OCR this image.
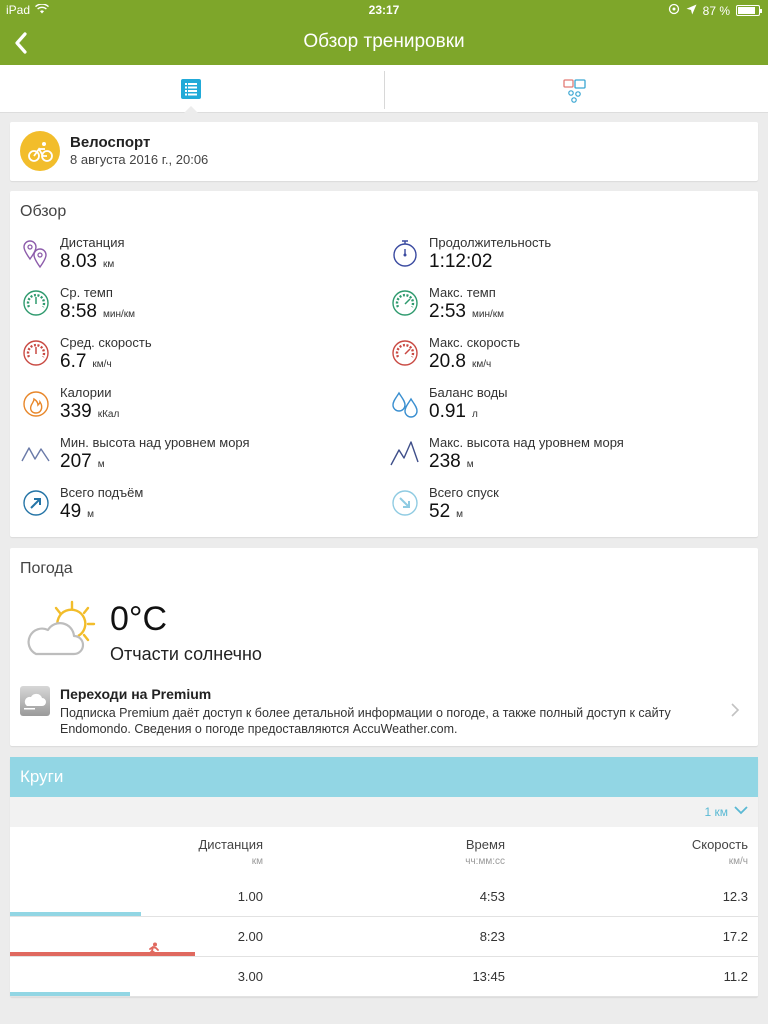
iPad	23:17	87 %
Обзор тренировки
Велоспорт
8 августа 2016 г., 20:06
Обзор
Дистанция
8.03 км
Продолжительность
1:12:02
Ср. темп
8:58 мин/км
Макс. темп
2:53 мин/км
Сред. скорость
6.7 км/ч
Макс. скорость
20.8 км/ч
Калории
339 кКал
Баланс воды
0.91 л
Мин. высота над уровнем моря
207 м
Макс. высота над уровнем моря
238 м
Всего подъём
49 м
Всего спуск
52 м
Погода
0°C
Отчасти солнечно
Переходи на Premium
Подписка Premium даёт доступ к более детальной информации о погоде, а также полный доступ к сайту Endomondo. Сведения о погоде предоставляются AccuWeather.com.
Круги
1 км
Дистанция
км
Время
чч:мм:сс
Скорость
км/ч
1.00	4:53	12.3
2.00	8:23	17.2
3.00	13:45	11.2
